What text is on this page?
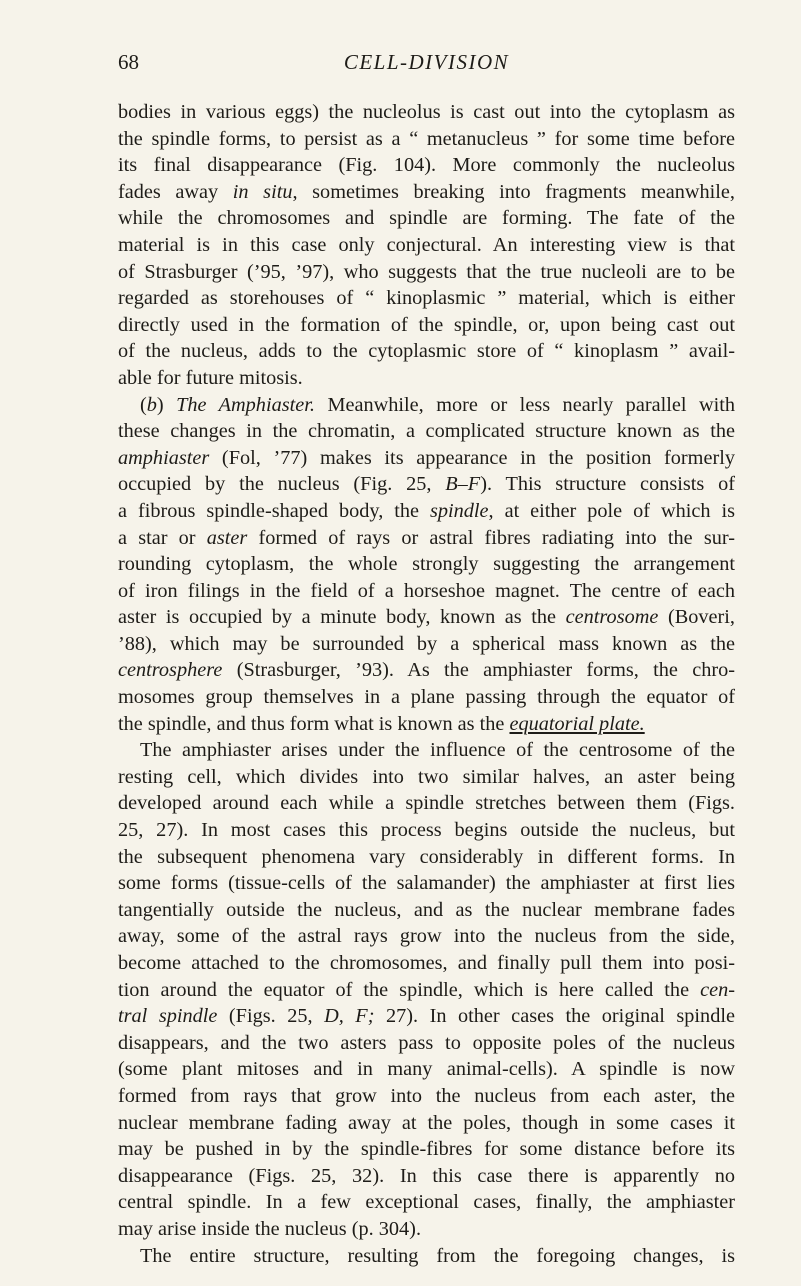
68	CELL-DIVISION
bodies in various eggs) the nucleolus is cast out into the cytoplasm as
the spindle forms, to persist as a “ metanucleus ” for some time before
its final disappearance (Fig. 104). More commonly the nucleolus
fades away in situ, sometimes breaking into fragments meanwhile,
while the chromosomes and spindle are forming. The fate of the
material is in this case only conjectural. An interesting view is that
of Strasburger (’95, ’97), who suggests that the true nucleoli are to be
regarded as storehouses of “ kinoplasmic ” material, which is either
directly used in the formation of the spindle, or, upon being cast out
of the nucleus, adds to the cytoplasmic store of “ kinoplasm ” avail-
able for future mitosis.
(b) The Amphiaster. Meanwhile, more or less nearly parallel with
these changes in the chromatin, a complicated structure known as the
amphiaster (Fol, ’77) makes its appearance in the position formerly
occupied by the nucleus (Fig. 25, B–F). This structure consists of
a fibrous spindle-shaped body, the spindle, at either pole of which is
a star or aster formed of rays or astral fibres radiating into the sur-
rounding cytoplasm, the whole strongly suggesting the arrangement
of iron filings in the field of a horseshoe magnet. The centre of each
aster is occupied by a minute body, known as the centrosome (Boveri,
’88), which may be surrounded by a spherical mass known as the
centrosphere (Strasburger, ’93). As the amphiaster forms, the chro-
mosomes group themselves in a plane passing through the equator of
the spindle, and thus form what is known as the equatorial plate.
The amphiaster arises under the influence of the centrosome of the
resting cell, which divides into two similar halves, an aster being
developed around each while a spindle stretches between them (Figs.
25, 27). In most cases this process begins outside the nucleus, but
the subsequent phenomena vary considerably in different forms. In
some forms (tissue-cells of the salamander) the amphiaster at first lies
tangentially outside the nucleus, and as the nuclear membrane fades
away, some of the astral rays grow into the nucleus from the side,
become attached to the chromosomes, and finally pull them into posi-
tion around the equator of the spindle, which is here called the cen-
tral spindle (Figs. 25, D, F; 27). In other cases the original spindle
disappears, and the two asters pass to opposite poles of the nucleus
(some plant mitoses and in many animal-cells). A spindle is now
formed from rays that grow into the nucleus from each aster, the
nuclear membrane fading away at the poles, though in some cases it
may be pushed in by the spindle-fibres for some distance before its
disappearance (Figs. 25, 32). In this case there is apparently no
central spindle. In a few exceptional cases, finally, the amphiaster
may arise inside the nucleus (p. 304).
The entire structure, resulting from the foregoing changes, is
